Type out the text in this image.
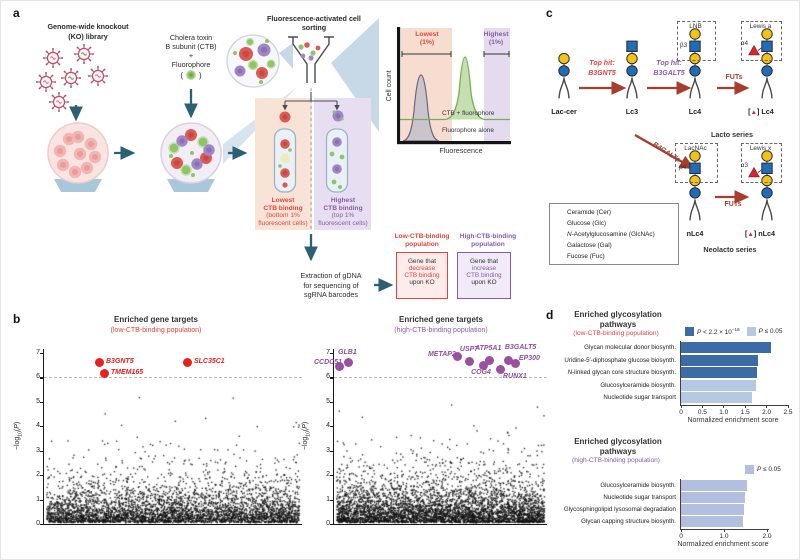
a
Genome-wide knockout
(KO) library	Cholera toxin
B subunit (CTB)
+
Fluorophore
( )
Fluorescence-activated cell
sorting
Lowest
(1%)
Highest
(1%)
CTB + fluorophore
Fluorophore alone
Fluorescence
Cell count
Lowest
CTB binding
(bottom 1%
fluorescent cells)
Highest
CTB binding
(top 1%
fluorescent cells)
Extraction of gDNA
for sequencing of
sgRNA barcodes
Low-CTB-binding
population
Gene that
decrease
CTB binding
upon KO
High-CTB-binding
population
Gene that
increase
CTB binding
upon KO
b	Enriched gene targets
(low-CTB-binding population)
Enriched gene targets
(high-CTB-binding population)
$-\log_{10}(P)$
$-\log_{10}(P)$
0
1
2
3
4
5
6
7
B3GNT5
TMEM165
SLC35C1
0
1
2
3
4
5
6
7 GLB1
CCDC51
METAP2
USP7
ATP5A1
COG4
B3GALT5
EP300
RUNX1
c
Top hit:
B3GNT5
Top hit:
B3GALT5
FUTs
FUTs
B4GALTs
LNB
β3
Lewis a
α4
LacNAc
β4
Lewis x
α3
Lac-cer	Lc3	Lc4	[▲] Lc4
nLc4	[▲] nLc4
Lacto series
Neolacto series
Ceramide (Cer)
Glucose (Glc)
N-Acetylglucosamine (GlcNAc)
Galactose (Gal)
Fucose (Fuc)
d	Enriched glycosylation
pathways
(low-CTB-binding population)	$P < 2.2 \times 10^{-16}$	P ≤ 0.05
Glycan molecular donor biosynth.
Uridine-5′-diphosphate glucose biosynth.
N-linked glycan core structure biosynth.
Glucosylceramide biosynth.
Nucleotide sugar transport
0	0.5	1.0	1.5	2.0	2.5
Normalized enrichment score
Enriched glycosylation
pathways
(high-CTB-binding population)
P ≤ 0.05
Glucosylceramide biosynth.
Nucleotide sugar transport
Glycosphingolipid lysosomal degradation
Glycan capping structure biosynth.
0	1.0	2.0
Normalized enrichment score
